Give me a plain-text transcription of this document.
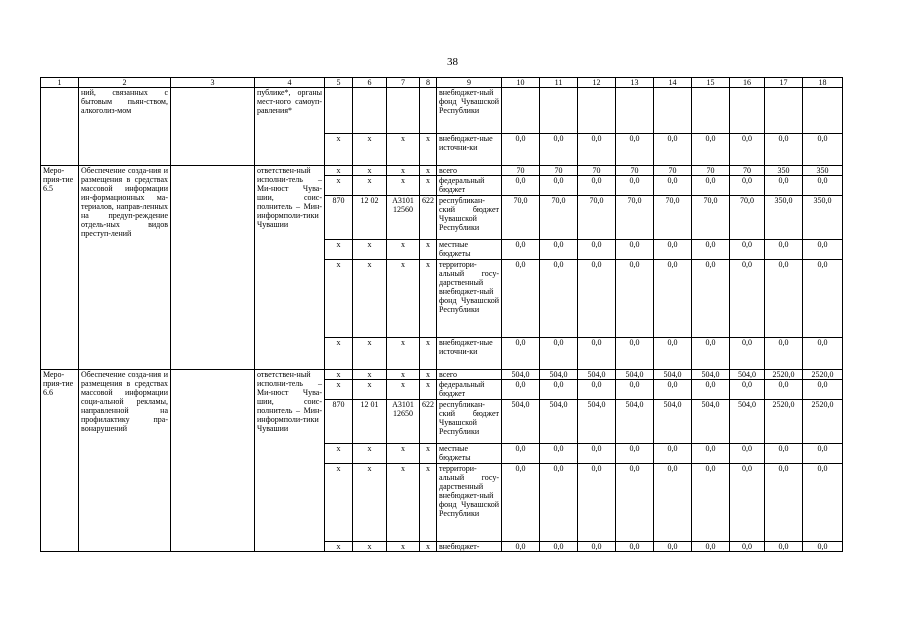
38
1	2	3	4	5	6	7	8	9	10	11	12	13	14	15	16	17	18
	ний, связанных с бытовым пьян-ством, алкоголиз-мом		публике*, органы мест-ного самоуп-равления*					внебюджет-ный фонд Чувашской Республики									
				x	x	x	x	внебюджет-ные источни-ки	0,0	0,0	0,0	0,0	0,0	0,0	0,0	0,0	0,0
Меро-прия-тие 6.5	Обеспечение созда-ния и размещения в средствах массовой информации ин-формационных ма-териалов, направ-ленных на предуп-реждение отдель-ных видов преступ-лений		ответствен-ный исполни-тель – Ми-нюст Чува-шии, соис-полнитель – Мин-информполи-тики Чувашии	x	x	x	x	всего	70	70	70	70	70	70	70	350	350
				x	x	x	x	федеральный бюджет	0,0	0,0	0,0	0,0	0,0	0,0	0,0	0,0	0,0
				870	12 02	А3101 12560	622	республикан-ский бюджет Чувашской Республики	70,0	70,0	70,0	70,0	70,0	70,0	70,0	350,0	350,0
				x	x	x	x	местные бюджеты	0,0	0,0	0,0	0,0	0,0	0,0	0,0	0,0	0,0
				x	x	x	x	территори-альный госу-дарственный внебюджет-ный фонд Чувашской Республики	0,0	0,0	0,0	0,0	0,0	0,0	0,0	0,0	0,0
				x	x	x	x	внебюджет-ные источни-ки	0,0	0,0	0,0	0,0	0,0	0,0	0,0	0,0	0,0
Меро-прия-тие 6.6	Обеспечение созда-ния и размещения в средствах массовой информации соци-альной рекламы, направленной на профилактику пра-вонарушений		ответствен-ный исполни-тель – Ми-нюст Чува-шии, соис-полнитель – Мин-информполи-тики Чувашии	x	x	x	x	всего	504,0	504,0	504,0	504,0	504,0	504,0	504,0	2520,0	2520,0
				x	x	x	x	федеральный бюджет	0,0	0,0	0,0	0,0	0,0	0,0	0,0	0,0	0,0
				870	12 01	А3101 12650	622	республикан-ский бюджет Чувашской Республики	504,0	504,0	504,0	504,0	504,0	504,0	504,0	2520,0	2520,0
				x	x	x	x	местные бюджеты	0,0	0,0	0,0	0,0	0,0	0,0	0,0	0,0	0,0
				x	x	x	x	территори-альный госу-дарственный внебюджет-ный фонд Чувашской Республики	0,0	0,0	0,0	0,0	0,0	0,0	0,0	0,0	0,0
				x	x	x	x	внебюджет-	0,0	0,0	0,0	0,0	0,0	0,0	0,0	0,0	0,0
